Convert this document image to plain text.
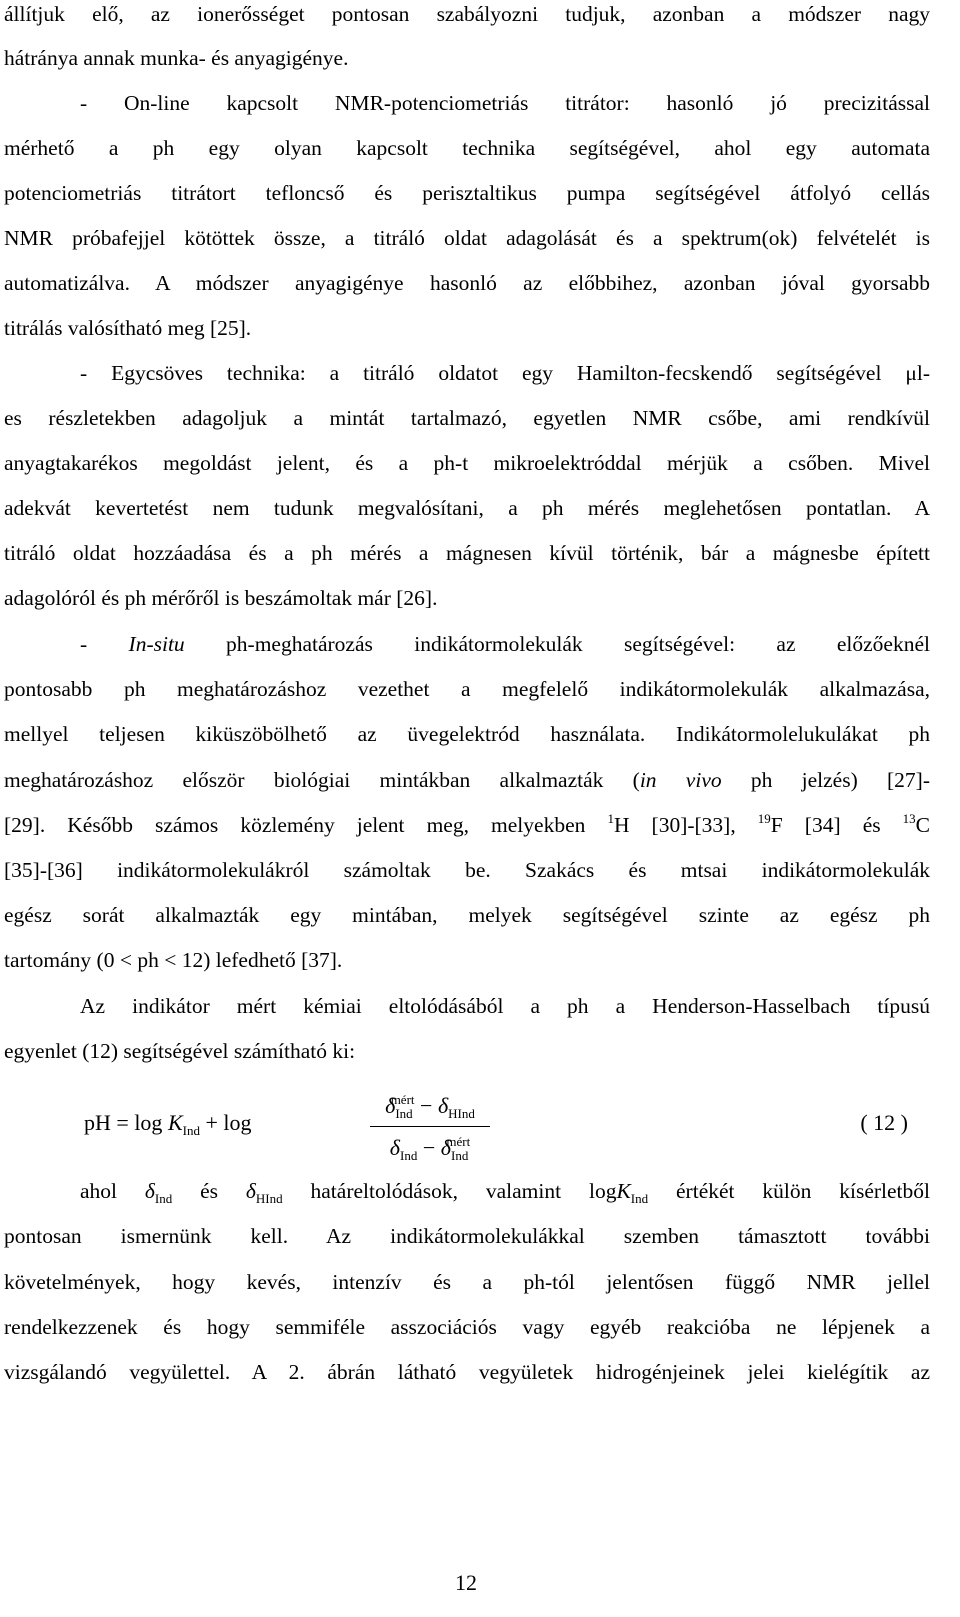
állítjuk elő, az ionerősséget pontosan szabályozni tudjuk, azonban a módszer nagy
hátránya annak munka- és anyagigénye.
- On-line kapcsolt NMR-potenciometriás titrátor: hasonló jó precizitással
mérhető a ph egy olyan kapcsolt technika segítségével, ahol egy automata
potenciometriás titrátort tefloncső és perisztaltikus pumpa segítségével átfolyó cellás
NMR próbafejjel kötöttek össze, a titráló oldat adagolását és a spektrum(ok) felvételét is
automatizálva. A módszer anyagigénye hasonló az előbbihez, azonban jóval gyorsabb
titrálás valósítható meg [25].
- Egycsöves technika: a titráló oldatot egy Hamilton-fecskendő segítségével μl-
es részletekben adagoljuk a mintát tartalmazó, egyetlen NMR csőbe, ami rendkívül
anyagtakarékos megoldást jelent, és a ph-t mikroelektróddal mérjük a csőben. Mivel
adekvát kevertetést nem tudunk megvalósítani, a ph mérés meglehetősen pontatlan. A
titráló oldat hozzáadása és a ph mérés a mágnesen kívül történik, bár a mágnesbe épített
adagolóról és ph mérőről is beszámoltak már [26].
- In-situ ph-meghatározás indikátormolekulák segítségével: az előzőeknél
pontosabb ph meghatározáshoz vezethet a megfelelő indikátormolekulák alkalmazása,
mellyel teljesen kiküszöbölhető az üvegelektród használata. Indikátormolelukulákat ph
meghatározáshoz először biológiai mintákban alkalmazták (in vivo ph jelzés) [27]-
[29]. Később számos közlemény jelent meg, melyekben $^1$H [30]-[33], $^{19}$F [34] és $^{13}$C
[35]-[36] indikátormolekulákról számoltak be. Szakács és mtsai indikátormolekulák
egész sorát alkalmazták egy mintában, melyek segítségével szinte az egész ph
tartomány (0 < ph < 12) lefedhető [37].
Az indikátor mért kémiai eltolódásából a ph a Henderson-Hasselbach típusú
egyenlet (12) segítségével számítható ki:
pH = $\log K_{Ind} + \log$
$\delta_{Ind}^{mért} - \delta_{HInd}$
$\delta_{Ind} - \delta_{Ind}^{mért}$
( 12 )
ahol $\delta_{Ind}$ és $\delta_{HInd}$ határeltolódások, valamint logK$_{Ind}$ értékét külön kísérletből
pontosan ismernünk kell. Az indikátormolekulákkal szemben támasztott további
követelmények, hogy kevés, intenzív és a ph-tól jelentősen függő NMR jellel
rendelkezzenek és hogy semmiféle asszociációs vagy egyéb reakcióba ne lépjenek a
vizsgálandó vegyülettel. A 2. ábrán látható vegyületek hidrogénjeinek jelei kielégítik az
12
